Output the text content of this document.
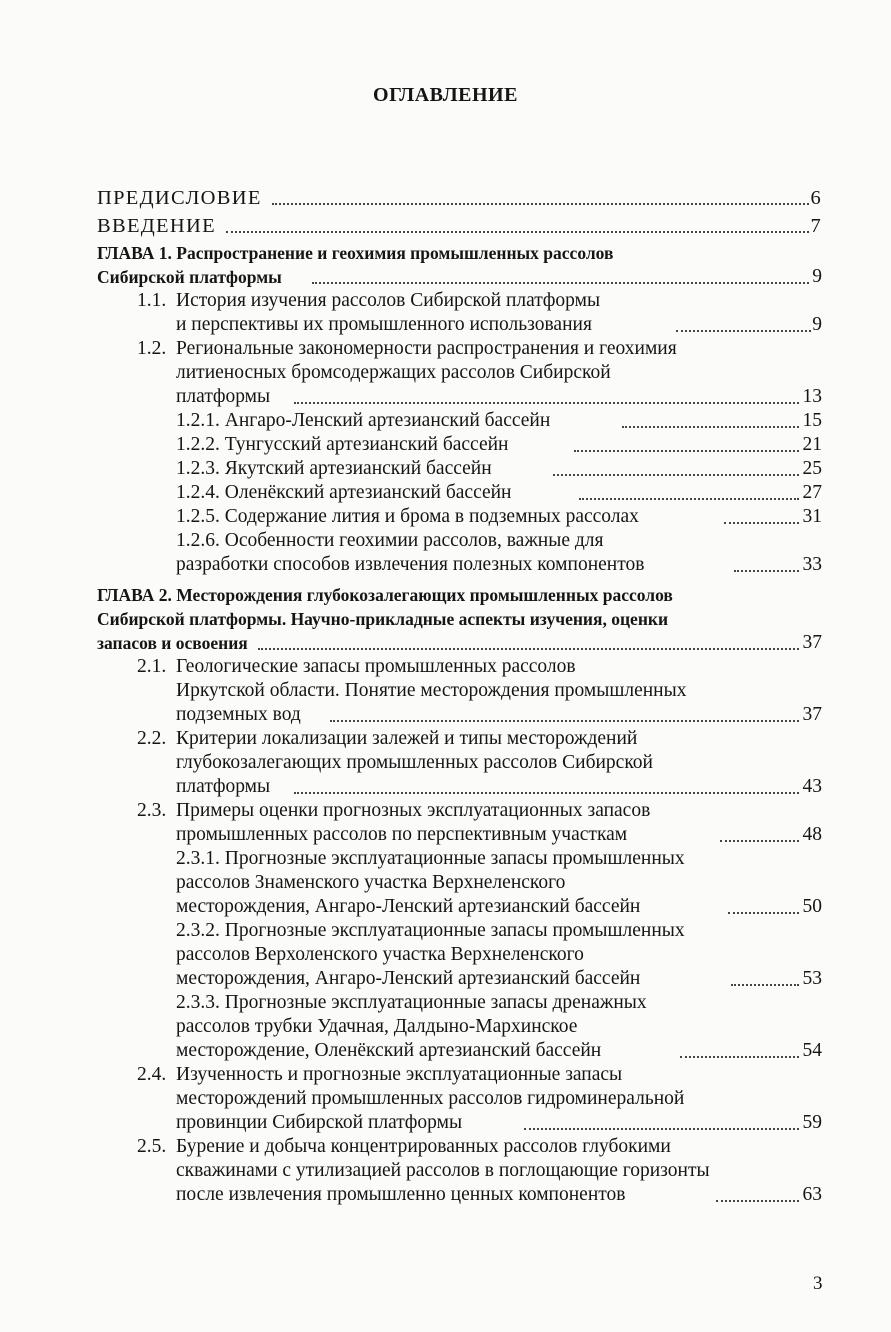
ОГЛАВЛЕНИЕ
ПРЕДИСЛОВИЕ	6
ВВЕДЕНИЕ	7
ГЛАВА 1. Распространение и геохимия промышленных рассолов
Сибирской платформы	9
1.1. История изучения рассолов Сибирской платформы
и перспективы их промышленного использования	9
1.2. Региональные закономерности распространения и геохимия
литиеносных бромсодержащих рассолов Сибирской
платформы	13
1.2.1. Ангаро-Ленский артезианский бассейн	15
1.2.2. Тунгусский артезианский бассейн	21
1.2.3. Якутский артезианский бассейн	25
1.2.4. Оленёкский артезианский бассейн	27
1.2.5. Содержание лития и брома в подземных рассолах	31
1.2.6. Особенности геохимии рассолов, важные для
разработки способов извлечения полезных компонентов	33
ГЛАВА 2. Месторождения глубокозалегающих промышленных рассолов
Сибирской платформы. Научно-прикладные аспекты изучения, оценки
запасов и освоения	37
2.1. Геологические запасы промышленных рассолов
Иркутской области. Понятие месторождения промышленных
подземных вод	37
2.2. Критерии локализации залежей и типы месторождений
глубокозалегающих промышленных рассолов Сибирской
платформы	43
2.3. Примеры оценки прогнозных эксплуатационных запасов
промышленных рассолов по перспективным участкам	48
2.3.1. Прогнозные эксплуатационные запасы промышленных
рассолов Знаменского участка Верхнеленского
месторождения, Ангаро-Ленский артезианский бассейн	50
2.3.2. Прогнозные эксплуатационные запасы промышленных
рассолов Верхоленского участка Верхнеленского
месторождения, Ангаро-Ленский артезианский бассейн	53
2.3.3. Прогнозные эксплуатационные запасы дренажных
рассолов трубки Удачная, Далдыно-Мархинское
месторождение, Оленёкский артезианский бассейн	54
2.4. Изученность и прогнозные эксплуатационные запасы
месторождений промышленных рассолов гидроминеральной
провинции Сибирской платформы	59
2.5. Бурение и добыча концентрированных рассолов глубокими
скважинами с утилизацией рассолов в поглощающие горизонты
после извлечения промышленно ценных компонентов	63
3
